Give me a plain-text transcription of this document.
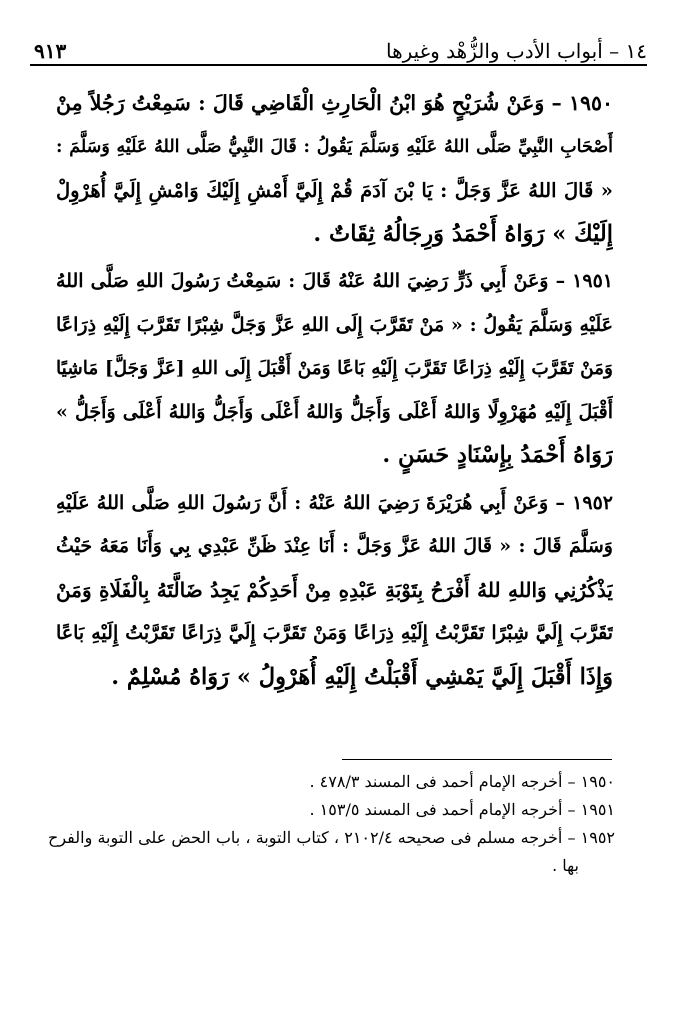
١٤ – أبواب الأدب والزُّهْد وغيرها
٩١٣
١٩٥٠ – وَعَنْ شُرَيْحٍ هُوَ ابْنُ الْحَارِثِ الْقَاضِي قَالَ : سَمِعْتُ رَجُلاً مِنْ
أَصْحَابِ النَّبِيِّ صَلَّى اللهُ عَلَيْهِ وَسَلَّمَ يَقُولُ : قَالَ النَّبِيُّ صَلَّى اللهُ عَلَيْهِ وَسَلَّمَ :
« قَالَ اللهُ عَزَّ وَجَلَّ : يَا بْنَ آدَمَ قُمْ إِلَيَّ أَمْشِ إِلَيْكَ وَامْشِ إِلَيَّ أُهَرْوِلْ
إِلَيْكَ » رَوَاهُ أَحْمَدُ وَرِجَالُهُ ثِقَاتٌ .
١٩٥١ – وَعَنْ أَبِي ذَرٍّ رَضِيَ اللهُ عَنْهُ قَالَ : سَمِعْتُ رَسُولَ اللهِ صَلَّى اللهُ
عَلَيْهِ وَسَلَّمَ يَقُولُ : « مَنْ تَقَرَّبَ إِلَى اللهِ عَزَّ وَجَلَّ شِبْرًا تَقَرَّبَ إِلَيْهِ ذِرَاعًا
وَمَنْ تَقَرَّبَ إِلَيْهِ ذِرَاعًا تَقَرَّبَ إِلَيْهِ بَاعًا وَمَنْ أَقْبَلَ إِلَى اللهِ [عَزَّ وَجَلَّ] مَاشِيًا
أَقْبَلَ إِلَيْهِ مُهَرْوِلًا وَاللهُ أَعْلَى وَأَجَلُّ وَاللهُ أَعْلَى وَأَجَلُّ وَاللهُ أَعْلَى وَأَجَلُّ »
رَوَاهُ أَحْمَدُ بِإِسْنَادٍ حَسَنٍ .
١٩٥٢ – وَعَنْ أَبِي هُرَيْرَةَ رَضِيَ اللهُ عَنْهُ : أَنَّ رَسُولَ اللهِ صَلَّى اللهُ عَلَيْهِ
وَسَلَّمَ قَالَ : « قَالَ اللهُ عَزَّ وَجَلَّ : أَنَا عِنْدَ ظَنِّ عَبْدِي بِي وَأَنَا مَعَهُ حَيْثُ
يَذْكُرُنِي وَاللهِ للهُ أَفْرَحُ بِتَوْبَةِ عَبْدِهِ مِنْ أَحَدِكُمْ يَجِدُ ضَالَّتَهُ بِالْفَلَاةِ وَمَنْ
تَقَرَّبَ إِلَيَّ شِبْرًا تَقَرَّبْتُ إِلَيْهِ ذِرَاعًا وَمَنْ تَقَرَّبَ إِلَيَّ ذِرَاعًا تَقَرَّبْتُ إِلَيْهِ بَاعًا
وَإِذَا أَقْبَلَ إِلَيَّ يَمْشِي أَقْبَلْتُ إِلَيْهِ أُهَرْوِلُ » رَوَاهُ مُسْلِمٌ .
١٩٥٠ – أخرجه الإمام أحمد فى المسند ٤٧٨/٣ .
١٩٥١ – أخرجه الإمام أحمد فى المسند ١٥٣/٥ .
١٩٥٢ – أخرجه مسلم فى صحيحه ٢١٠٢/٤ ، كتاب التوبة ، باب الحض على التوبة والفرح
بها .
